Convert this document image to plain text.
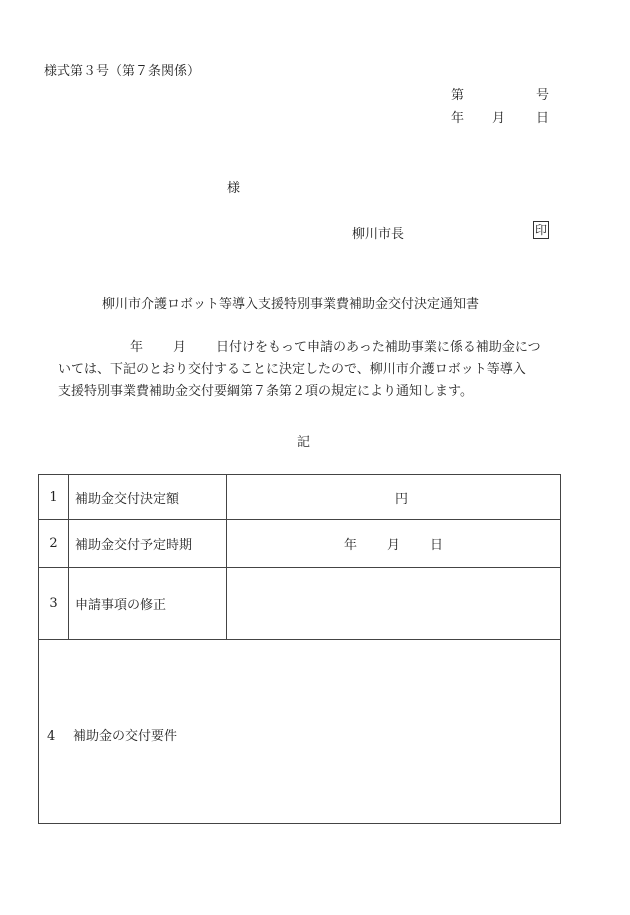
様式第３号（第７条関係）
第	号
年 月 日
様
柳川市長	印
柳川市介護ロボット等導入支援特別事業費補助金交付決定通知書
年 月 日付けをもって申請のあった補助事業に係る補助金につ
いては、下記のとおり交付することに決定したので、柳川市介護ロボット等導入
支援特別事業費補助金交付要綱第７条第２項の規定により通知します。
記
1	補助金交付決定額	円
2	補助金交付予定時期	年 月 日
3	申請事項の修正	

4 補助金の交付要件		
